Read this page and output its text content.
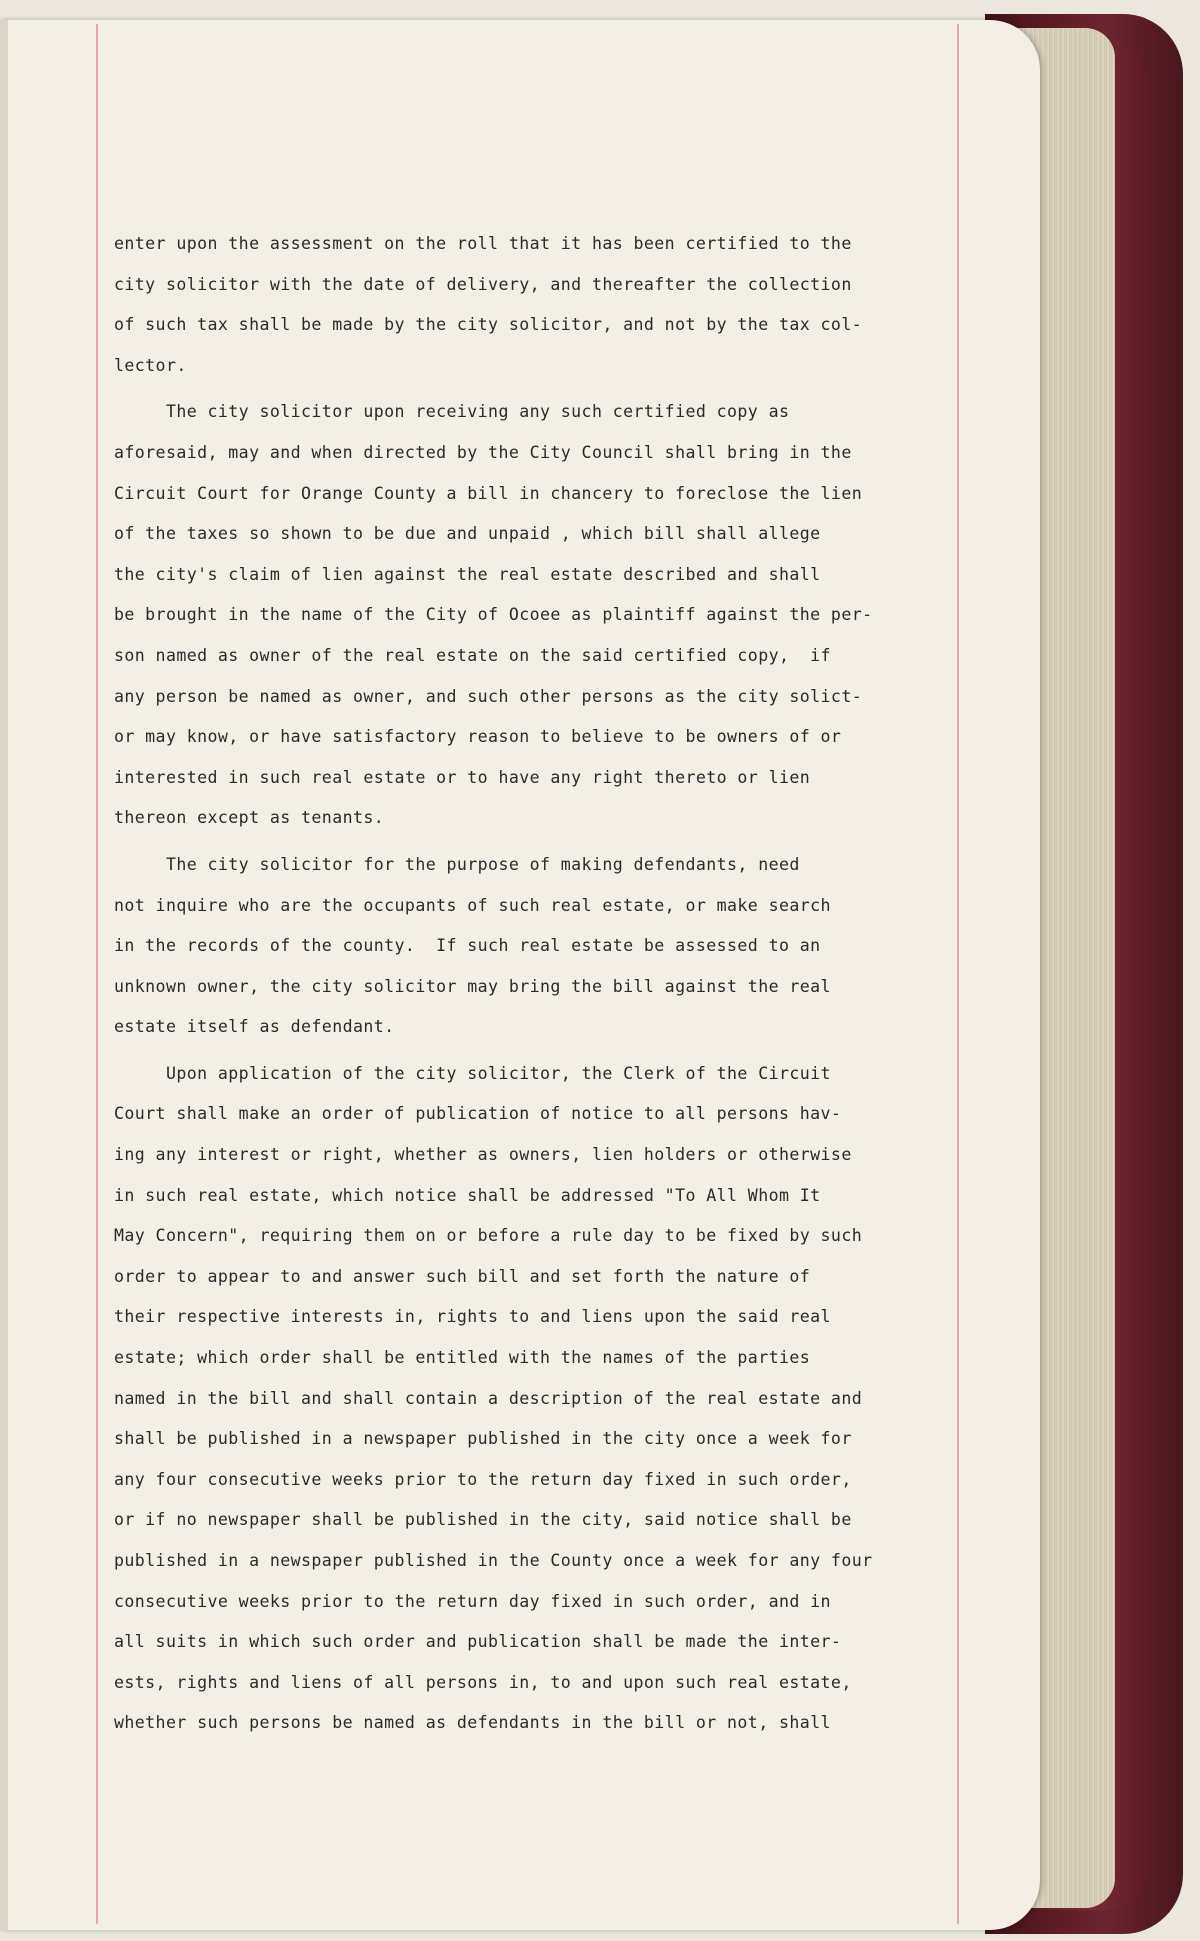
enter upon the assessment on the roll that it has been certified to the
city solicitor with the date of delivery, and thereafter the collection
of such tax shall be made by the city solicitor, and not by the tax col-
lector.
The city solicitor upon receiving any such certified copy as
aforesaid, may and when directed by the City Council shall bring in the
Circuit Court for Orange County a bill in chancery to foreclose the lien
of the taxes so shown to be due and unpaid , which bill shall allege
the city's claim of lien against the real estate described and shall
be brought in the name of the City of Ocoee as plaintiff against the per-
son named as owner of the real estate on the said certified copy,  if
any person be named as owner, and such other persons as the city solict-
or may know, or have satisfactory reason to believe to be owners of or
interested in such real estate or to have any right thereto or lien
thereon except as tenants.
The city solicitor for the purpose of making defendants, need
not inquire who are the occupants of such real estate, or make search
in the records of the county.  If such real estate be assessed to an
unknown owner, the city solicitor may bring the bill against the real
estate itself as defendant.
Upon application of the city solicitor, the Clerk of the Circuit
Court shall make an order of publication of notice to all persons hav-
ing any interest or right, whether as owners, lien holders or otherwise
in such real estate, which notice shall be addressed "To All Whom It
May Concern", requiring them on or before a rule day to be fixed by such
order to appear to and answer such bill and set forth the nature of
their respective interests in, rights to and liens upon the said real
estate; which order shall be entitled with the names of the parties
named in the bill and shall contain a description of the real estate and
shall be published in a newspaper published in the city once a week for
any four consecutive weeks prior to the return day fixed in such order,
or if no newspaper shall be published in the city, said notice shall be
published in a newspaper published in the County once a week for any four
consecutive weeks prior to the return day fixed in such order, and in
all suits in which such order and publication shall be made the inter-
ests, rights and liens of all persons in, to and upon such real estate,
whether such persons be named as defendants in the bill or not, shall
